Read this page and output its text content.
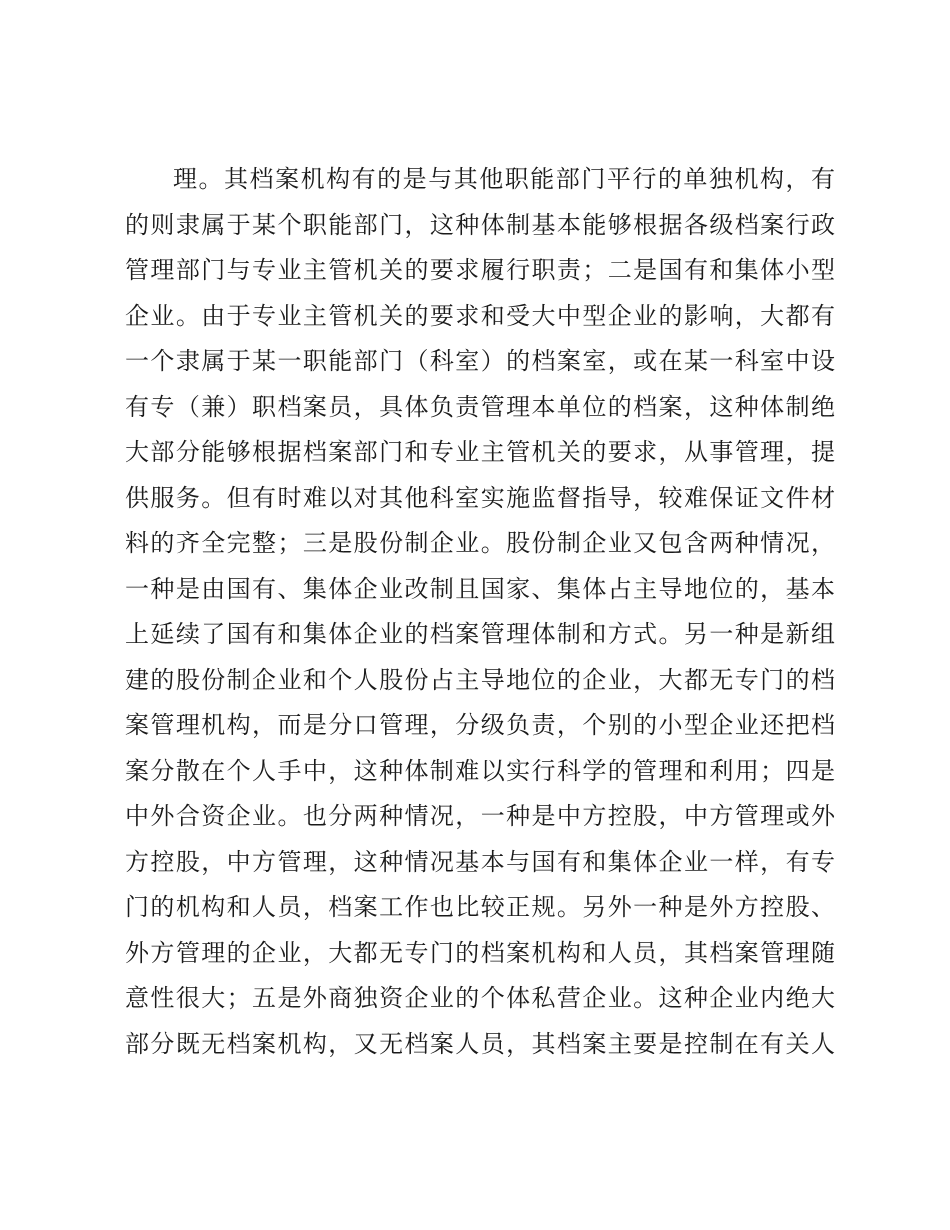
理。其档案机构有的是与其他职能部门平行的单独机构，有
的则隶属于某个职能部门，这种体制基本能够根据各级档案行政
管理部门与专业主管机关的要求履行职责；二是国有和集体小型
企业。由于专业主管机关的要求和受大中型企业的影响，大都有
一个隶属于某一职能部门（科室）的档案室，或在某一科室中设
有专（兼）职档案员，具体负责管理本单位的档案，这种体制绝
大部分能够根据档案部门和专业主管机关的要求，从事管理，提
供服务。但有时难以对其他科室实施监督指导，较难保证文件材
料的齐全完整；三是股份制企业。股份制企业又包含两种情况，
一种是由国有、集体企业改制且国家、集体占主导地位的，基本
上延续了国有和集体企业的档案管理体制和方式。另一种是新组
建的股份制企业和个人股份占主导地位的企业，大都无专门的档
案管理机构，而是分口管理，分级负责，个别的小型企业还把档
案分散在个人手中，这种体制难以实行科学的管理和利用；四是
中外合资企业。也分两种情况，一种是中方控股，中方管理或外
方控股，中方管理，这种情况基本与国有和集体企业一样，有专
门的机构和人员，档案工作也比较正规。另外一种是外方控股、
外方管理的企业，大都无专门的档案机构和人员，其档案管理随
意性很大；五是外商独资企业的个体私营企业。这种企业内绝大
部分既无档案机构，又无档案人员，其档案主要是控制在有关人
